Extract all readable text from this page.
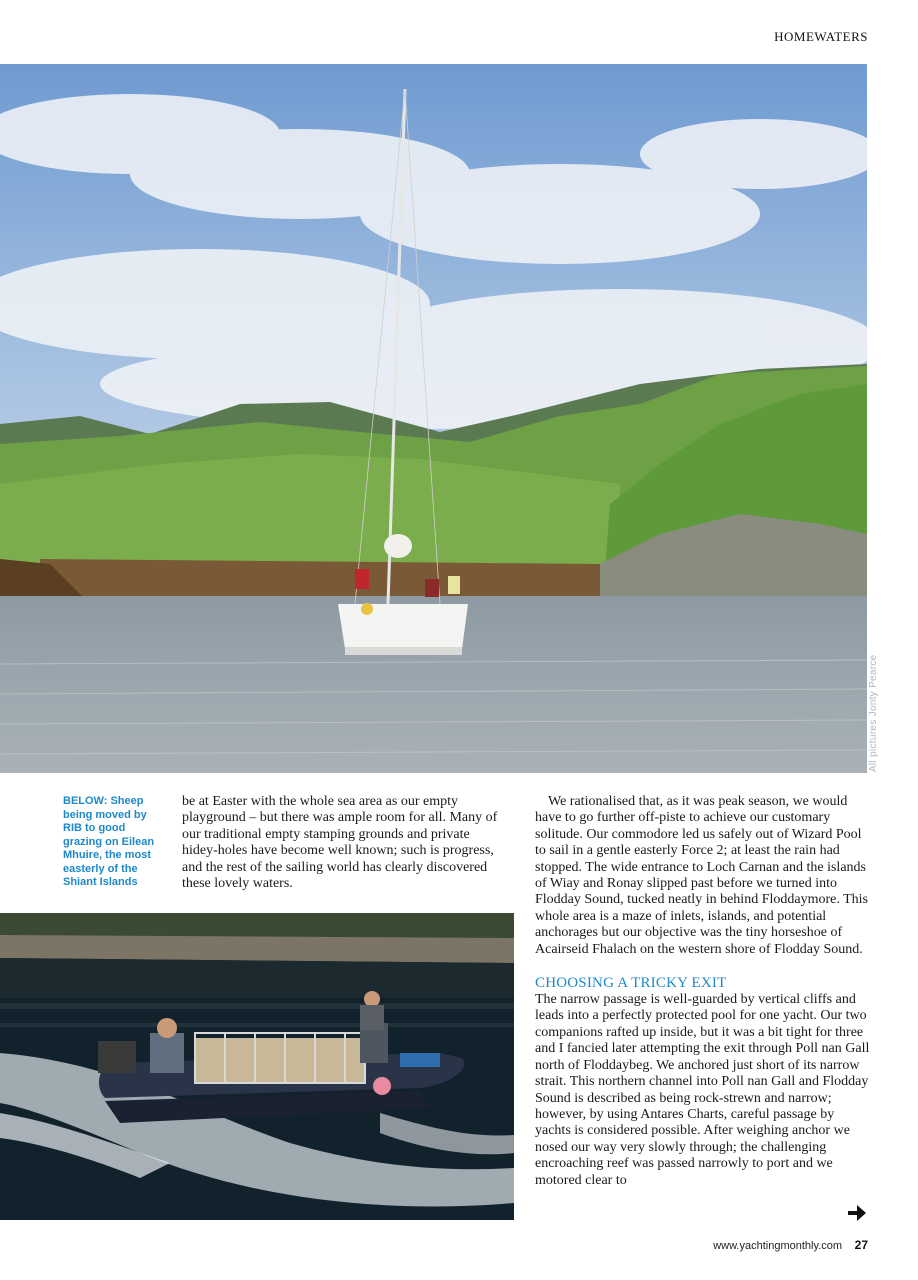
HOMEWATERS
All pictures Jonty Pearce
BELOW: Sheep being moved by RIB to good grazing on Eilean Mhuire, the most easterly of the Shiant Islands

be at Easter with the whole sea area as our empty playground – but there was ample room for all. Many of our traditional empty stamping grounds and private hidey-holes have become well known; such is progress, and the rest of the sailing world has clearly discovered these lovely waters.

We rationalised that, as it was peak season, we would have to go further off-piste to achieve our customary solitude. Our commodore led us safely out of Wizard Pool to sail in a gentle easterly Force 2; at least the rain had stopped. The wide entrance to Loch Carnan and the islands of Wiay and Ronay slipped past before we turned into Flodday Sound, tucked neatly in behind Floddaymore. This whole area is a maze of inlets, islands, and potential anchorages but our objective was the tiny horseshoe of Acairseid Fhalach on the western shore of Flodday Sound.

CHOOSING A TRICKY EXIT

The narrow passage is well-guarded by vertical cliffs and leads into a perfectly protected pool for one yacht. Our two companions rafted up inside, but it was a bit tight for three and I fancied later attempting the exit through Poll nan Gall north of Floddaybeg. We anchored just short of its narrow strait. This northern channel into Poll nan Gall and Flodday Sound is described as being rock-strewn and narrow; however, by using Antares Charts, careful passage by yachts is considered possible. After weighing anchor we nosed our way very slowly through; the challenging encroaching reef was passed narrowly to port and we motored clear to

www.yachtingmonthly.com 27
